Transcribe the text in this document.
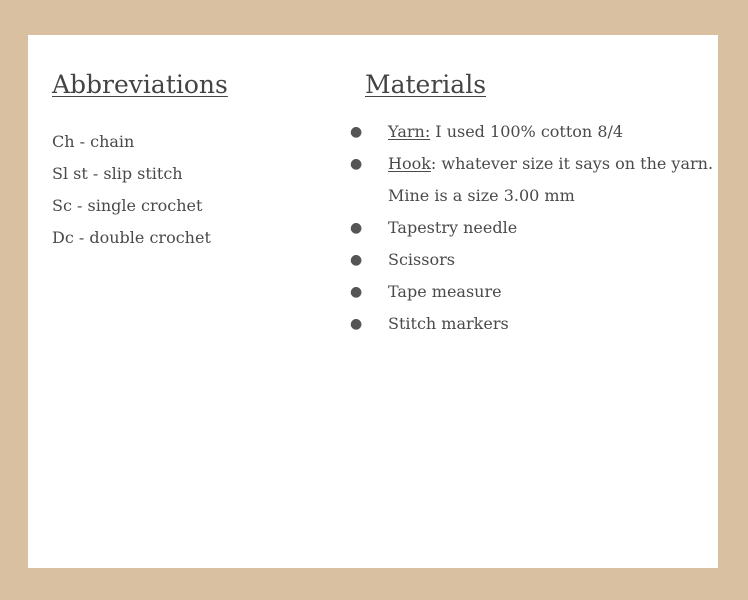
Abbreviations
Ch - chain
Sl st - slip stitch
Sc - single crochet
Dc - double crochet
Materials
● Yarn: I used 100% cotton 8/4
● Hook: whatever size it says on the yarn.
Mine is a size 3.00 mm
● Tapestry needle
● Scissors
● Tape measure
● Stitch markers
